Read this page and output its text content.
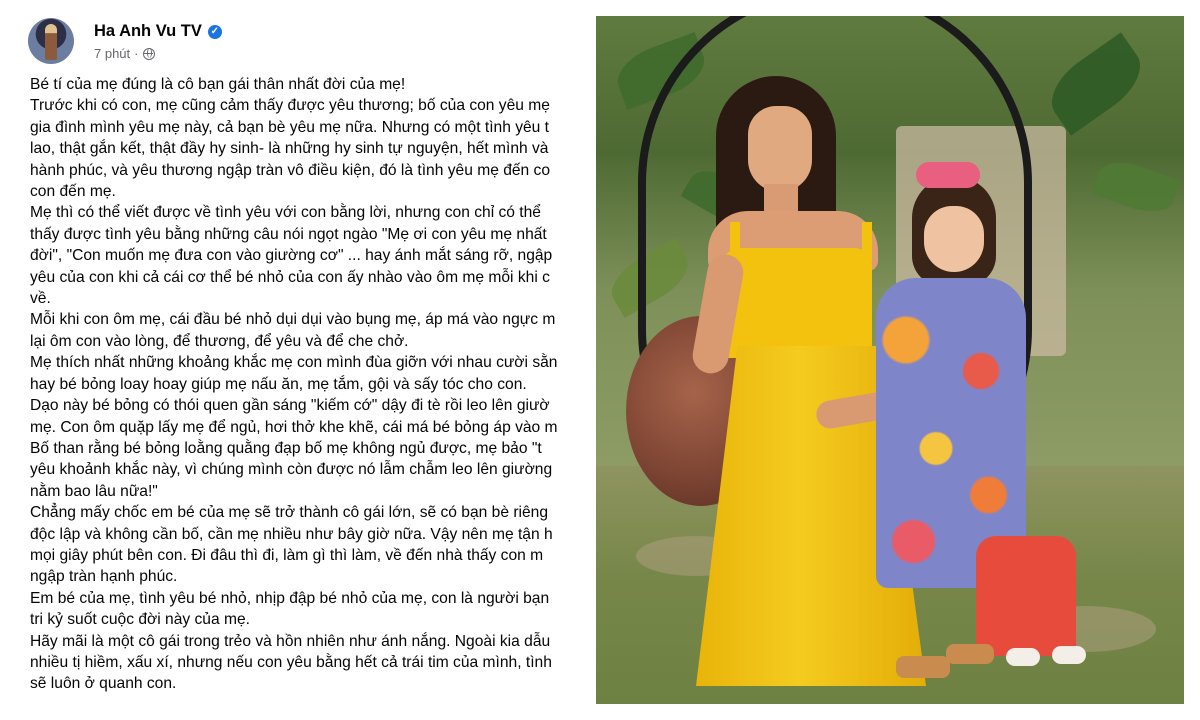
Ha Anh Vu TV ✓
7 phút ·

Bé tí của mẹ đúng là cô bạn gái thân nhất đời của mẹ!

Trước khi có con, mẹ cũng cảm thấy được yêu thương; bố của con yêu mẹ

gia đình mình yêu mẹ này, cả bạn bè yêu mẹ nữa. Nhưng có một tình yêu t

lao, thật gắn kết, thật đầy hy sinh- là những hy sinh tự nguyện, hết mình và

hành phúc, và yêu thương ngập tràn vô điều kiện, đó là tình yêu mẹ đến co

con đến mẹ.

Mẹ thì có thể viết được về tình yêu với con bằng lời, nhưng con chỉ có thể

thấy được tình yêu bằng những câu nói ngọt ngào "Mẹ ơi con yêu mẹ nhất

đời", "Con muốn mẹ đưa con vào giường cơ" ... hay ánh mắt sáng rỡ, ngập

yêu của con khi cả cái cơ thể bé nhỏ của con ấy nhào vào ôm mẹ mỗi khi c

về.

Mỗi khi con ôm mẹ, cái đầu bé nhỏ dụi dụi vào bụng mẹ, áp má vào ngực m

lại ôm con vào lòng, để thương, để yêu và để che chở.

Mẹ thích nhất những khoảng khắc mẹ con mình đùa giỡn với nhau cười sằn

hay bé bỏng loay hoay giúp mẹ nấu ăn, mẹ tắm, gội và sấy tóc cho con.

Dạo này bé bỏng có thói quen gần sáng "kiếm cớ" dậy đi tè rồi leo lên giườ

mẹ. Con ôm quặp lấy mẹ để ngủ, hơi thở khe khẽ, cái má bé bỏng áp vào m

Bố than rằng bé bỏng loằng quằng đạp bố mẹ không ngủ được, mẹ bảo "t

yêu khoảnh khắc này, vì chúng mình còn được nó lẫm chẫm leo lên giường

nằm bao lâu nữa!"

Chẳng mấy chốc em bé của mẹ sẽ trở thành cô gái lớn, sẽ có bạn bè riêng

độc lập và không cần bố, cần mẹ nhiều như bây giờ nữa. Vậy nên mẹ tận h

mọi giây phút bên con. Đi đâu thì đi, làm gì thì làm, về đến nhà thấy con m

ngập tràn hạnh phúc.

Em bé của mẹ, tình yêu bé nhỏ, nhịp đập bé nhỏ của mẹ, con là người bạn

tri kỷ suốt cuộc đời này của mẹ.

Hãy mãi là một cô gái trong trẻo và hồn nhiên như ánh nắng. Ngoài kia dẫu

nhiều tị hiềm, xấu xí, nhưng nếu con yêu bằng hết cả trái tim của mình, tình

sẽ luôn ở quanh con.
